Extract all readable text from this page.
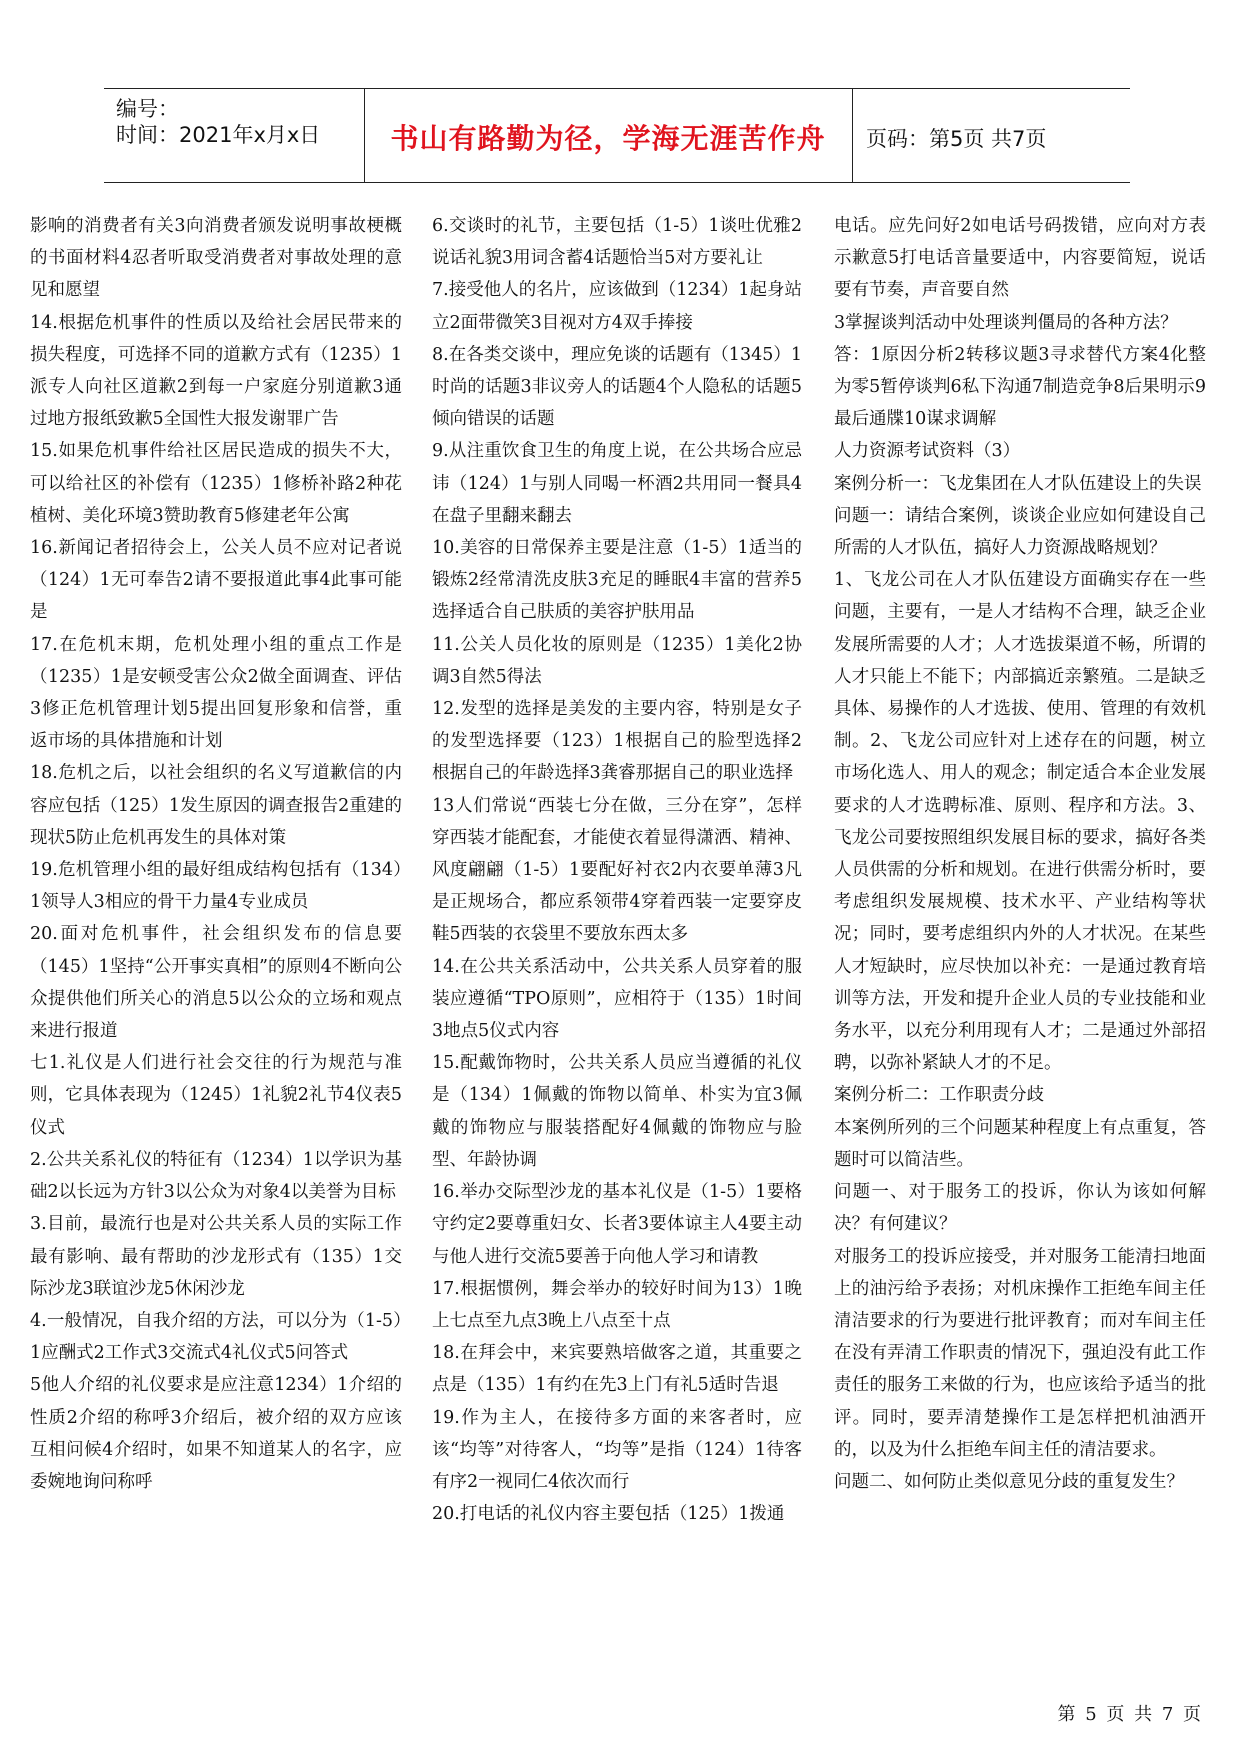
编号：
时间：2021年x月x日	书山有路勤为径，学海无涯苦作舟	页码：第5页 共7页

影响的消费者有关3向消费者颁发说明事故梗概的书面材料4忍者听取受消费者对事故处理的意见和愿望

14.根据危机事件的性质以及给社会居民带来的损失程度，可选择不同的道歉方式有（1235）1派专人向社区道歉2到每一户家庭分别道歉3通过地方报纸致歉5全国性大报发谢罪广告

15.如果危机事件给社区居民造成的损失不大，可以给社区的补偿有（1235）1修桥补路2种花植树、美化环境3赞助教育5修建老年公寓

16.新闻记者招待会上，公关人员不应对记者说（124）1无可奉告2请不要报道此事4此事可能是

17.在危机末期，危机处理小组的重点工作是（1235）1是安顿受害公众2做全面调查、评估3修正危机管理计划5提出回复形象和信誉，重返市场的具体措施和计划

18.危机之后，以社会组织的名义写道歉信的内容应包括（125）1发生原因的调查报告2重建的现状5防止危机再发生的具体对策

19.危机管理小组的最好组成结构包括有（134）1领导人3相应的骨干力量4专业成员

20.面对危机事件，社会组织发布的信息要（145）1坚持“公开事实真相”的原则4不断向公众提供他们所关心的消息5以公众的立场和观点来进行报道

七1.礼仪是人们进行社会交往的行为规范与准则，它具体表现为（1245）1礼貌2礼节4仪表5仪式

2.公共关系礼仪的特征有（1234）1以学识为基础2以长远为方针3以公众为对象4以美誉为目标

3.目前，最流行也是对公共关系人员的实际工作最有影响、最有帮助的沙龙形式有（135）1交际沙龙3联谊沙龙5休闲沙龙

4.一般情况，自我介绍的方法，可以分为（1-5）1应酬式2工作式3交流式4礼仪式5问答式

5他人介绍的礼仪要求是应注意1234）1介绍的性质2介绍的称呼3介绍后，被介绍的双方应该互相问候4介绍时，如果不知道某人的名字，应委婉地询问称呼

6.交谈时的礼节，主要包括（1-5）1谈吐优雅2说话礼貌3用词含蓄4话题恰当5对方要礼让

7.接受他人的名片，应该做到（1234）1起身站立2面带微笑3目视对方4双手捧接

8.在各类交谈中，理应免谈的话题有（1345）1时尚的话题3非议旁人的话题4个人隐私的话题5倾向错误的话题

9.从注重饮食卫生的角度上说，在公共场合应忌讳（124）1与别人同喝一杯酒2共用同一餐具4在盘子里翻来翻去

10.美容的日常保养主要是注意（1-5）1适当的锻炼2经常清洗皮肤3充足的睡眠4丰富的营养5选择适合自己肤质的美容护肤用品

11.公关人员化妆的原则是（1235）1美化2协调3自然5得法

12.发型的选择是美发的主要内容，特别是女子的发型选择要（123）1根据自己的脸型选择2根据自己的年龄选择3龚睿那据自己的职业选择

13人们常说“西装七分在做，三分在穿”，怎样穿西装才能配套，才能使衣着显得潇洒、精神、风度翩翩（1-5）1要配好衬衣2内衣要单薄3凡是正规场合，都应系领带4穿着西装一定要穿皮鞋5西装的衣袋里不要放东西太多

14.在公共关系活动中，公共关系人员穿着的服装应遵循“TPO原则”，应相符于（135）1时间3地点5仪式内容

15.配戴饰物时，公共关系人员应当遵循的礼仪是（134）1佩戴的饰物以简单、朴实为宜3佩戴的饰物应与服装搭配好4佩戴的饰物应与脸型、年龄协调

16.举办交际型沙龙的基本礼仪是（1-5）1要格守约定2要尊重妇女、长者3要体谅主人4要主动与他人进行交流5要善于向他人学习和请教

17.根据惯例，舞会举办的较好时间为13）1晚上七点至九点3晚上八点至十点

18.在拜会中，来宾要熟培做客之道，其重要之点是（135）1有约在先3上门有礼5适时告退

19.作为主人，在接待多方面的来客者时，应该“均等”对待客人，“均等”是指（124）1待客有序2一视同仁4依次而行

20.打电话的礼仪内容主要包括（125）1拨通

电话。应先问好2如电话号码拨错，应向对方表示歉意5打电话音量要适中，内容要简短，说话要有节奏，声音要自然

3掌握谈判活动中处理谈判僵局的各种方法？

答：1原因分析2转移议题3寻求替代方案4化整为零5暂停谈判6私下沟通7制造竞争8后果明示9最后通牒10谋求调解

人力资源考试资料（3）

案例分析一：飞龙集团在人才队伍建设上的失误

问题一：请结合案例，谈谈企业应如何建设自己所需的人才队伍，搞好人力资源战略规划？

1、飞龙公司在人才队伍建设方面确实存在一些问题，主要有，一是人才结构不合理，缺乏企业发展所需要的人才；人才选拔渠道不畅，所谓的人才只能上不能下；内部搞近亲繁殖。二是缺乏具体、易操作的人才选拔、使用、管理的有效机制。2、飞龙公司应针对上述存在的问题，树立市场化选人、用人的观念；制定适合本企业发展要求的人才选聘标准、原则、程序和方法。3、飞龙公司要按照组织发展目标的要求，搞好各类人员供需的分析和规划。在进行供需分析时，要考虑组织发展规模、技术水平、产业结构等状况；同时，要考虑组织内外的人才状况。在某些人才短缺时，应尽快加以补充：一是通过教育培训等方法，开发和提升企业人员的专业技能和业务水平，以充分利用现有人才；二是通过外部招聘，以弥补紧缺人才的不足。

案例分析二：工作职责分歧

本案例所列的三个问题某种程度上有点重复，答题时可以简洁些。

问题一、对于服务工的投诉，你认为该如何解决？有何建议？

对服务工的投诉应接受，并对服务工能清扫地面上的油污给予表扬；对机床操作工拒绝车间主任清洁要求的行为要进行批评教育；而对车间主任在没有弄清工作职责的情况下，强迫没有此工作责任的服务工来做的行为，也应该给予适当的批评。同时，要弄清楚操作工是怎样把机油洒开的，以及为什么拒绝车间主任的清洁要求。

问题二、如何防止类似意见分歧的重复发生？

第 5 页 共 7 页
